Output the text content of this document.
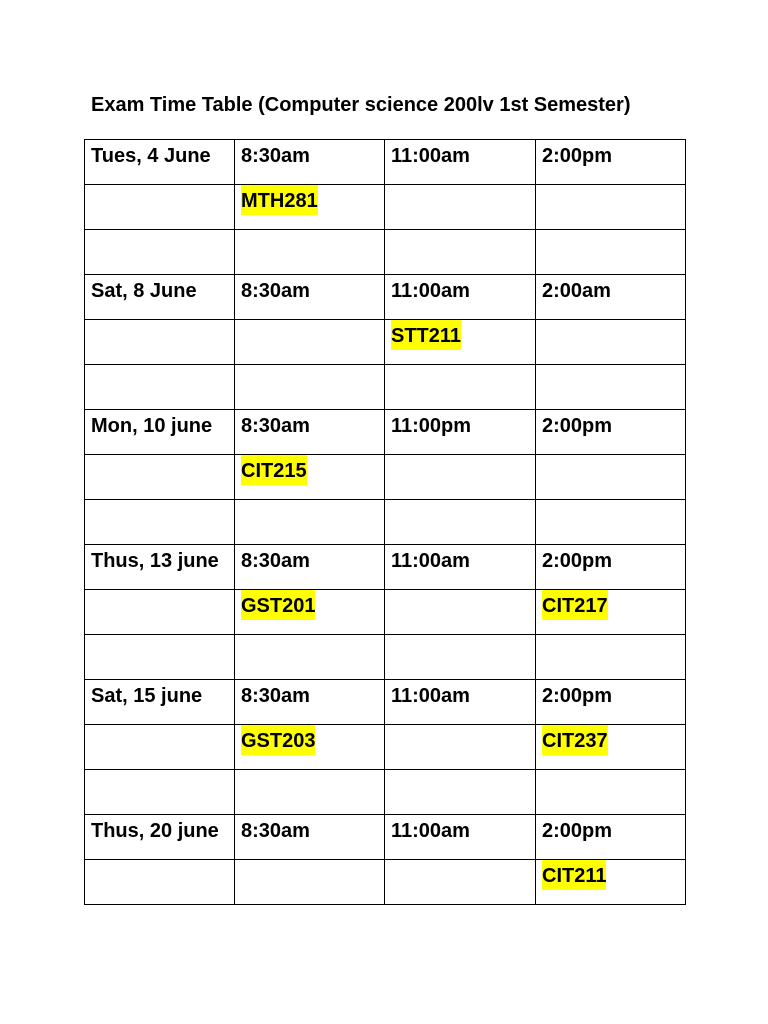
Exam Time Table (Computer science 200lv 1st Semester)
Tues, 4 June	8:30am	11:00am	2:00pm
	MTH281		

Sat, 8 June	8:30am	11:00am	2:00am
		STT211	

Mon, 10 june	8:30am	11:00pm	2:00pm
	CIT215		

Thus, 13 june	8:30am	11:00am	2:00pm
	GST201		CIT217

Sat, 15 june	8:30am	11:00am	2:00pm
	GST203		CIT237

Thus, 20 june	8:30am	11:00am	2:00pm
			CIT211
